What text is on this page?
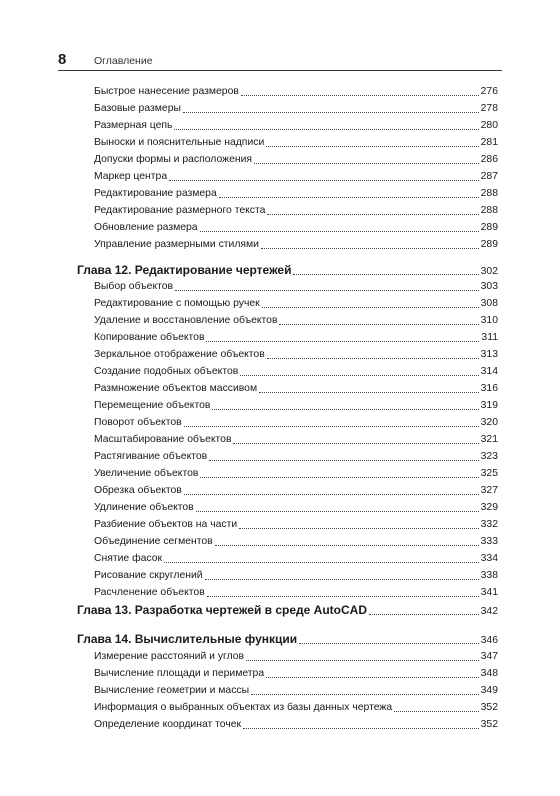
8	Оглавление
Быстрое нанесение размеров	276
Базовые размеры	278
Размерная цепь	280
Выноски и пояснительные надписи	281
Допуски формы и расположения	286
Маркер центра	287
Редактирование размера	288
Редактирование размерного текста	288
Обновление размера	289
Управление размерными стилями	289
Глава 12. Редактирование чертежей	302
Выбор объектов	303
Редактирование с помощью ручек	308
Удаление и восстановление объектов	310
Копирование объектов	311
Зеркальное отображение объектов	313
Создание подобных объектов	314
Размножение объектов массивом	316
Перемещение объектов	319
Поворот объектов	320
Масштабирование объектов	321
Растягивание объектов	323
Увеличение объектов	325
Обрезка объектов	327
Удлинение объектов	329
Разбиение объектов на части	332
Объединение сегментов	333
Снятие фасок	334
Рисование скруглений	338
Расчленение объектов	341
Глава 13. Разработка чертежей в среде AutoCAD	342
Глава 14. Вычислительные функции	346
Измерение расстояний и углов	347
Вычисление площади и периметра	348
Вычисление геометрии и массы	349
Информация о выбранных объектах из базы данных чертежа	352
Определение координат точек	352
